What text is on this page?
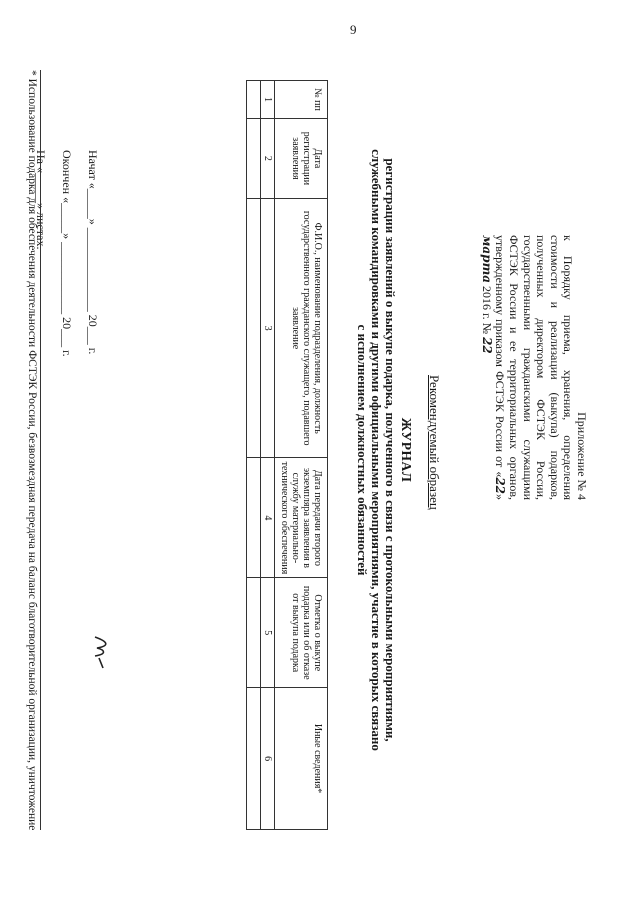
9
Приложение № 4
к Порядку приема, хранения, определения стоимости и реализации (выкупа) подарков, полученных директором ФСТЭК России, государственными гражданскими служащими ФСТЭК России и ее территориальных органов, утвержденному приказом ФСТЭК России от «22» марта 2016 г. № 22
Рекомендуемый образец
ЖУРНАЛ
регистрации заявлений о выкупе подарка, полученного в связи с протокольными мероприятиями,
служебными командировками и другими официальными мероприятиями, участие в которых связано
с исполнением должностных обязанностей
№ пп	Дата регистрации заявления	Ф.И.О., наименование подразделения, должность государственного гражданского служащего, подавшего заявление	Дата передачи второго экземпляра заявления в службу материально-технического обеспечения	Отметка о выкупе подарка или об отказе от выкупа подарка	Иные сведения*
1	2	3	4	5	6

Начат «_____» ______________ 20___ г.
Окончен «_____» ____________ 20___ г.
На «_____» листах.
* Использование подарка для обеспечения деятельности ФСТЭК России, безвозмездная передача на баланс благотворительной организации, уничтожение
